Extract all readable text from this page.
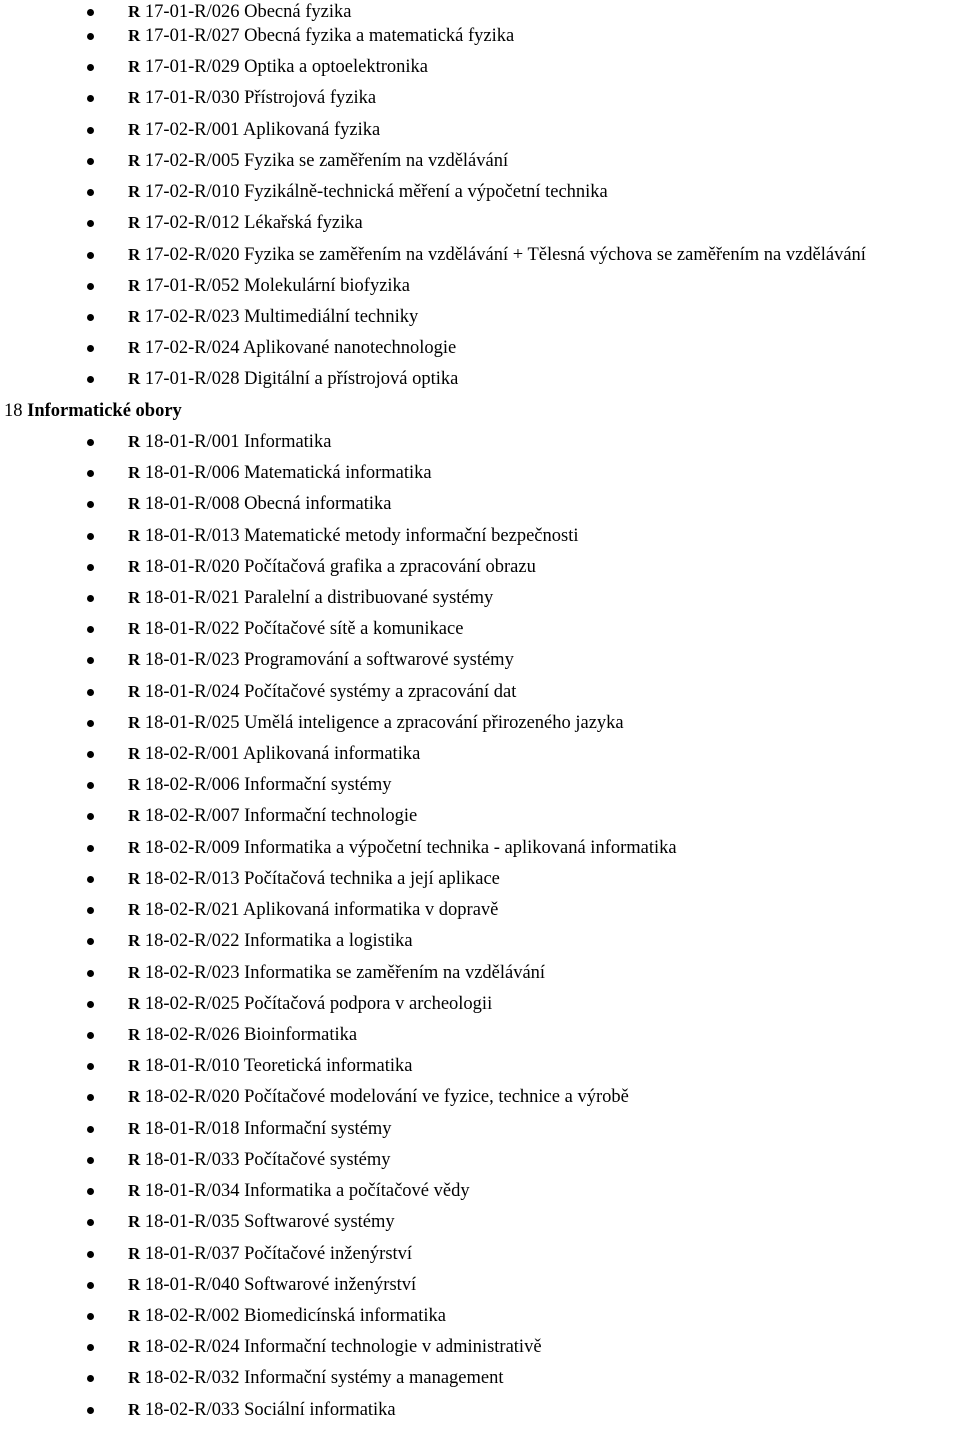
R 17-01-R/026 Obecná fyzika
R 17-01-R/027 Obecná fyzika a matematická fyzika
R 17-01-R/029 Optika a optoelektronika
R 17-01-R/030 Přístrojová fyzika
R 17-02-R/001 Aplikovaná fyzika
R 17-02-R/005 Fyzika se zaměřením na vzdělávání
R 17-02-R/010 Fyzikálně-technická měření a výpočetní technika
R 17-02-R/012 Lékařská fyzika
R 17-02-R/020 Fyzika se zaměřením na vzdělávání + Tělesná výchova se zaměřením na vzdělávání
R 17-01-R/052 Molekulární biofyzika
R 17-02-R/023 Multimediální techniky
R 17-02-R/024 Aplikované nanotechnologie
R 17-01-R/028 Digitální a přístrojová optika
18 Informatické obory
R 18-01-R/001 Informatika
R 18-01-R/006 Matematická informatika
R 18-01-R/008 Obecná informatika
R 18-01-R/013 Matematické metody informační bezpečnosti
R 18-01-R/020 Počítačová grafika a zpracování obrazu
R 18-01-R/021 Paralelní a distribuované systémy
R 18-01-R/022 Počítačové sítě a komunikace
R 18-01-R/023 Programování a softwarové systémy
R 18-01-R/024 Počítačové systémy a zpracování dat
R 18-01-R/025 Umělá inteligence a zpracování přirozeného jazyka
R 18-02-R/001 Aplikovaná informatika
R 18-02-R/006 Informační systémy
R 18-02-R/007 Informační technologie
R 18-02-R/009 Informatika a výpočetní technika - aplikovaná informatika
R 18-02-R/013 Počítačová technika a její aplikace
R 18-02-R/021 Aplikovaná informatika v dopravě
R 18-02-R/022 Informatika a logistika
R 18-02-R/023 Informatika se zaměřením na vzdělávání
R 18-02-R/025 Počítačová podpora v archeologii
R 18-02-R/026 Bioinformatika
R 18-01-R/010 Teoretická informatika
R 18-02-R/020 Počítačové modelování ve fyzice, technice a výrobě
R 18-01-R/018 Informační systémy
R 18-01-R/033 Počítačové systémy
R 18-01-R/034 Informatika a počítačové vědy
R 18-01-R/035 Softwarové systémy
R 18-01-R/037 Počítačové inženýrství
R 18-01-R/040 Softwarové inženýrství
R 18-02-R/002 Biomedicínská informatika
R 18-02-R/024 Informační technologie v administrativě
R 18-02-R/032 Informační systémy a management
R 18-02-R/033 Sociální informatika
